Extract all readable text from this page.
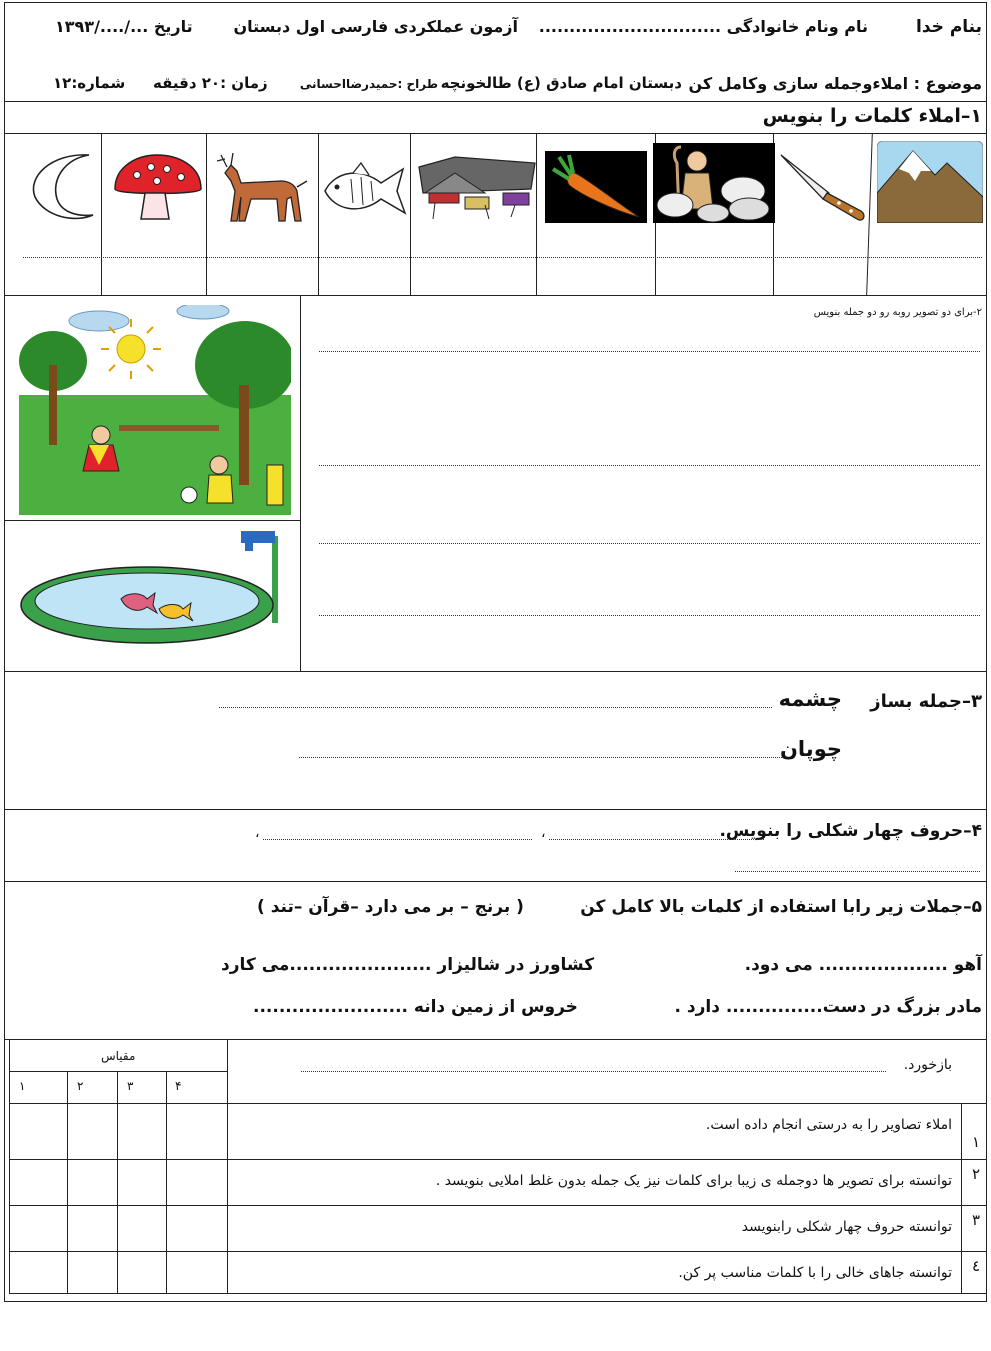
بنام خدا
نام ونام خانوادگی ..............................
آزمون عملکردی فارسی اول دبستان
تاریخ .../..../۱۳۹۳
موضوع : املاءوجمله سازی وکامل کن
دبستان امام صادق (ع) طالخونچه
طراح :حمیدرضااحسانی
زمان :۲۰ دقیقه
شماره:۱۲
۱–املاء کلمات را بنویس
۲-برای دو تصویر روبه رو دو جمله بنویس
۳–جمله بساز
چشمه
چوپان
۴–حروف چهار شکلی را بنویس.
،
،
۵–جملات زیر رابا استفاده از کلمات بالا کامل کن
( برنج – بر می دارد –قرآن –تند )
آهو .................... می دود.
کشاورز در شالیزار ......................می کارد
مادر بزرگ در دست............... دارد .
خروس از زمین دانه ........................
مقیاس
۴
۳
۲
۱
بازخورد.
۱
املاء تصاویر را به درستی انجام داده است.
۲
توانسته برای تصویر ها دوجمله ی زیبا برای کلمات نیز یک جمله بدون غلط املایی بنویسد .
۳
توانسته حروف چهار شکلی رابنویسد
٤
توانسته جاهای خالی را با کلمات مناسب پر کن.
